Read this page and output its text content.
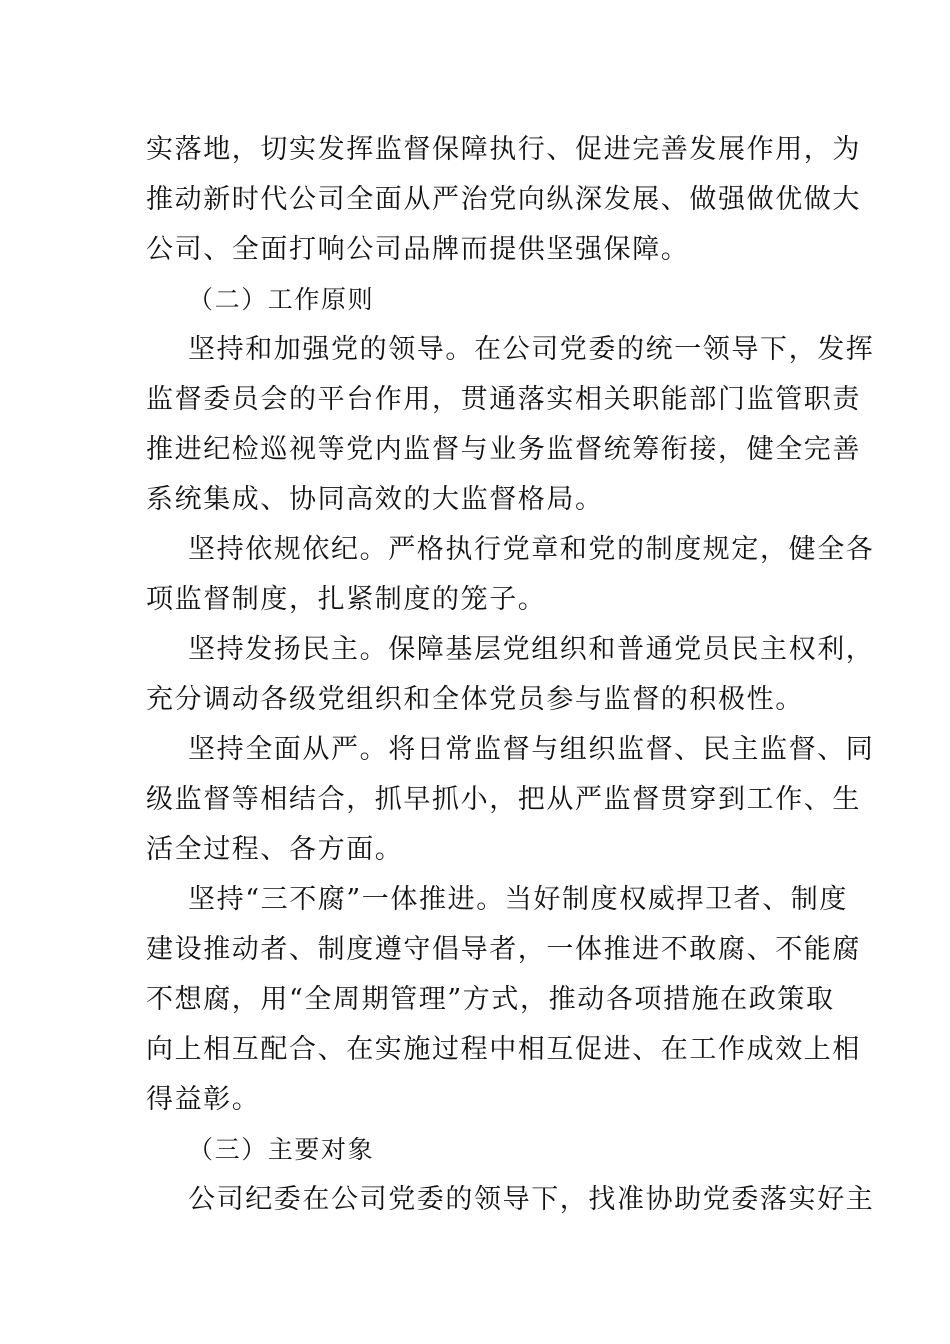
实落地，切实发挥监督保障执行、促进完善发展作用，为
推动新时代公司全面从严治党向纵深发展、做强做优做大
公司、全面打响公司品牌而提供坚强保障。
（二）工作原则
坚持和加强党的领导。在公司党委的统一领导下，发挥
监督委员会的平台作用，贯通落实相关职能部门监管职责
推进纪检巡视等党内监督与业务监督统筹衔接，健全完善
系统集成、协同高效的大监督格局。
坚持依规依纪。严格执行党章和党的制度规定，健全各
项监督制度，扎紧制度的笼子。
坚持发扬民主。保障基层党组织和普通党员民主权利，
充分调动各级党组织和全体党员参与监督的积极性。
坚持全面从严。将日常监督与组织监督、民主监督、同
级监督等相结合，抓早抓小，把从严监督贯穿到工作、生
活全过程、各方面。
坚持“三不腐”一体推进。当好制度权威捍卫者、制度
建设推动者、制度遵守倡导者，一体推进不敢腐、不能腐
不想腐，用“全周期管理”方式，推动各项措施在政策取
向上相互配合、在实施过程中相互促进、在工作成效上相
得益彰。
（三）主要对象
公司纪委在公司党委的领导下，找准协助党委落实好主
